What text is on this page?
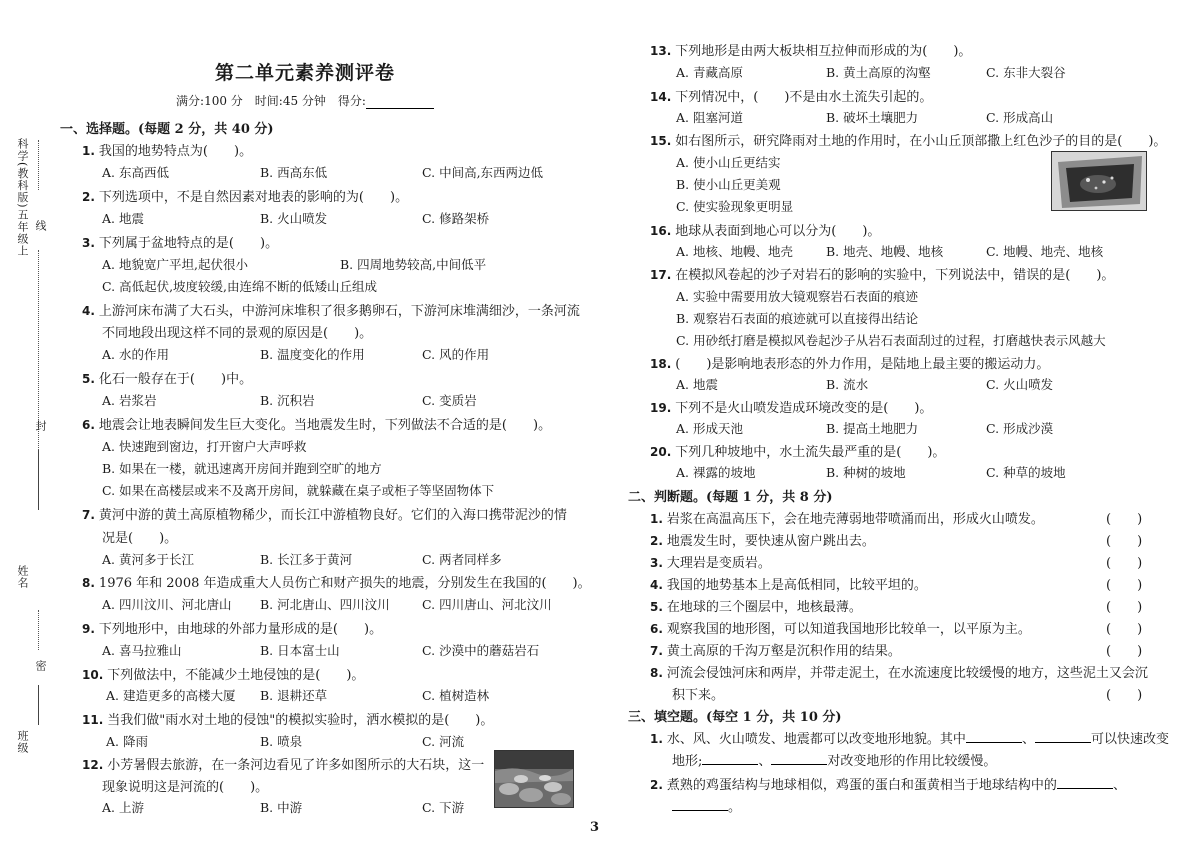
科学(教科版)五年级上 线
封
姓名
密
班级
第二单元素养测评卷
满分:100 分　时间:45 分钟　得分:
一、选择题。(每题 2 分，共 40 分)
1. 我国的地势特点为(　　)。
A. 东高西低	B. 西高东低	C. 中间高,东西两边低
2. 下列选项中，不是自然因素对地表的影响的为(　　)。
A. 地震	B. 火山喷发	C. 修路架桥
3. 下列属于盆地特点的是(　　)。
A. 地貌宽广平坦,起伏很小	B. 四周地势较高,中间低平
C. 高低起伏,坡度较缓,由连绵不断的低矮山丘组成
4. 上游河床布满了大石头，中游河床堆积了很多鹅卵石，下游河床堆满细沙，一条河流
不同地段出现这样不同的景观的原因是(　　)。
A. 水的作用	B. 温度变化的作用	C. 风的作用
5. 化石一般存在于(　　)中。
A. 岩浆岩	B. 沉积岩	C. 变质岩
6. 地震会让地表瞬间发生巨大变化。当地震发生时，下列做法不合适的是(　　)。
A. 快速跑到窗边，打开窗户大声呼救
B. 如果在一楼，就迅速离开房间并跑到空旷的地方
C. 如果在高楼层或来不及离开房间，就躲藏在桌子或柜子等坚固物体下
7. 黄河中游的黄土高原植物稀少，而长江中游植物良好。它们的入海口携带泥沙的情
况是(　　)。
A. 黄河多于长江	B. 长江多于黄河	C. 两者同样多
8. 1976 年和 2008 年造成重大人员伤亡和财产损失的地震，分别发生在我国的(　　)。
A. 四川汶川、河北唐山 B. 河北唐山、四川汶川	C. 四川唐山、河北汶川
9. 下列地形中，由地球的外部力量形成的是(　　)。
A. 喜马拉雅山	B. 日本富士山	C. 沙漠中的蘑菇岩石
10. 下列做法中，不能减少土地侵蚀的是(　　)。
A. 建造更多的高楼大厦 B. 退耕还草	C. 植树造林
11. 当我们做"雨水对土地的侵蚀"的模拟实验时，洒水模拟的是(　　)。
A. 降雨	B. 喷泉	C. 河流
12. 小芳暑假去旅游，在一条河边看见了许多如图所示的大石块，这一
现象说明这是河流的(　　)。
A. 上游	B. 中游	C. 下游
13. 下列地形是由两大板块相互拉伸而形成的为(　　)。
A. 青藏高原	B. 黄土高原的沟壑	C. 东非大裂谷
14. 下列情况中，(　　)不是由水土流失引起的。
A. 阻塞河道	B. 破坏土壤肥力	C. 形成高山
15. 如右图所示，研究降雨对土地的作用时，在小山丘顶部撒上红色沙子的目的是(　　)。
A. 使小山丘更结实
B. 使小山丘更美观
C. 使实验现象更明显
16. 地球从表面到地心可以分为(　　)。
A. 地核、地幔、地壳	B. 地壳、地幔、地核	C. 地幔、地壳、地核
17. 在模拟风卷起的沙子对岩石的影响的实验中，下列说法中，错误的是(　　)。
A. 实验中需要用放大镜观察岩石表面的痕迹
B. 观察岩石表面的痕迹就可以直接得出结论
C. 用砂纸打磨是模拟风卷起沙子从岩石表面刮过的过程，打磨越快表示风越大
18. (　　)是影响地表形态的外力作用，是陆地上最主要的搬运动力。
A. 地震	B. 流水	C. 火山喷发
19. 下列不是火山喷发造成环境改变的是(　　)。
A. 形成天池	B. 提高土地肥力	C. 形成沙漠
20. 下列几种坡地中，水土流失最严重的是(　　)。
A. 裸露的坡地	B. 种树的坡地	C. 种草的坡地
二、判断题。(每题 1 分，共 8 分)
1. 岩浆在高温高压下，会在地壳薄弱地带喷涌而出，形成火山喷发。	(　　)
2. 地震发生时，要快速从窗户跳出去。	(　　)
3. 大理岩是变质岩。	(　　)
4. 我国的地势基本上是高低相同，比较平坦的。	(　　)
5. 在地球的三个圈层中，地核最薄。	(　　)
6. 观察我国的地形图，可以知道我国地形比较单一，以平原为主。	(　　)
7. 黄土高原的千沟万壑是沉积作用的结果。	(　　)
8. 河流会侵蚀河床和两岸，并带走泥土，在水流速度比较缓慢的地方，这些泥土又会沉
积下来。	(　　)
三、填空题。(每空 1 分，共 10 分)
1. 水、风、火山喷发、地震都可以改变地形地貌。其中	、	可以快速改变
地形;	、	对改变地形的作用比较缓慢。
2. 煮熟的鸡蛋结构与地球相似，鸡蛋的蛋白和蛋黄相当于地球结构中的	、
。
3
